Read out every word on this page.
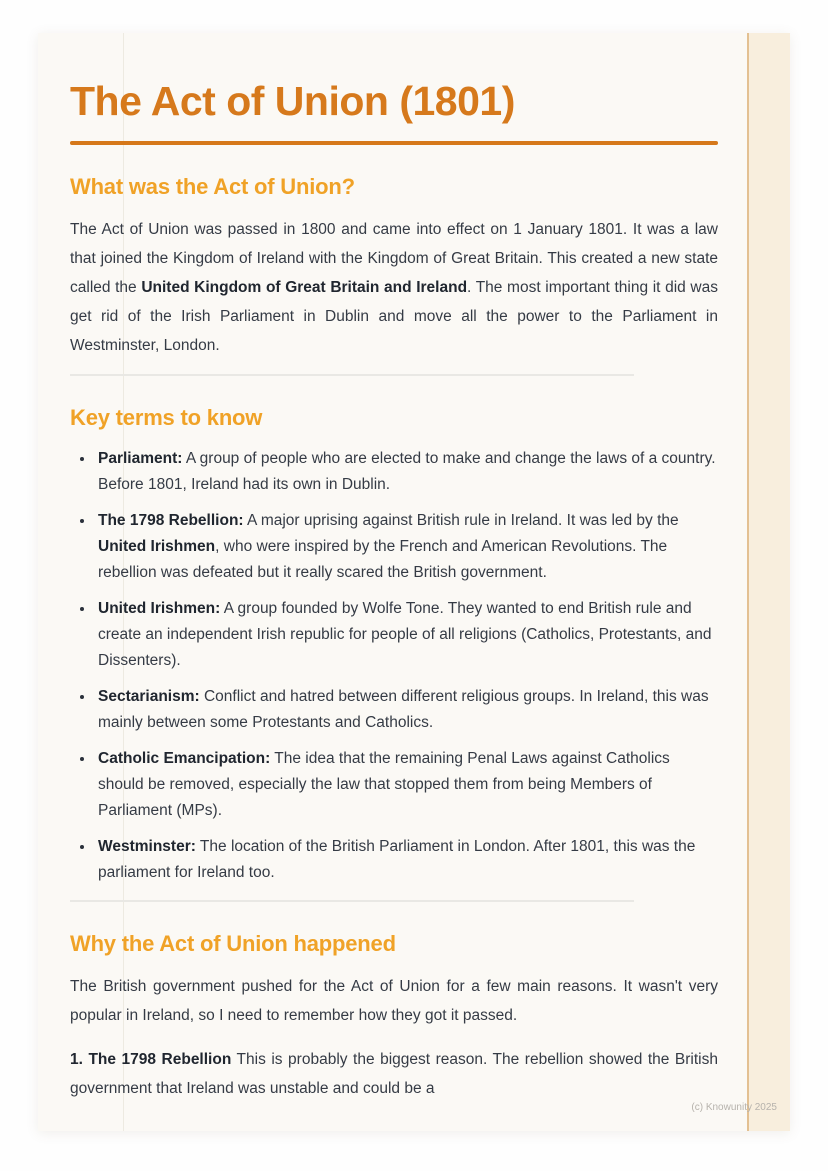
The Act of Union (1801)
What was the Act of Union?

The Act of Union was passed in 1800 and came into effect on 1 January 1801. It was a law that joined the Kingdom of Ireland with the Kingdom of Great Britain. This created a new state called the United Kingdom of Great Britain and Ireland. The most important thing it did was get rid of the Irish Parliament in Dublin and move all the power to the Parliament in Westminster, London.

Key terms to know
• Parliament: A group of people who are elected to make and change the laws of a country. Before 1801, Ireland had its own in Dublin.
• The 1798 Rebellion: A major uprising against British rule in Ireland. It was led by the United Irishmen, who were inspired by the French and American Revolutions. The rebellion was defeated but it really scared the British government.
• United Irishmen: A group founded by Wolfe Tone. They wanted to end British rule and create an independent Irish republic for people of all religions (Catholics, Protestants, and Dissenters).
• Sectarianism: Conflict and hatred between different religious groups. In Ireland, this was mainly between some Protestants and Catholics.
• Catholic Emancipation: The idea that the remaining Penal Laws against Catholics should be removed, especially the law that stopped them from being Members of Parliament (MPs).
• Westminster: The location of the British Parliament in London. After 1801, this was the parliament for Ireland too.
Why the Act of Union happened

The British government pushed for the Act of Union for a few main reasons. It wasn't very popular in Ireland, so I need to remember how they got it passed.

1. The 1798 Rebellion This is probably the biggest reason. The rebellion showed the British government that Ireland was unstable and could be a

(c) Knowunity 2025
